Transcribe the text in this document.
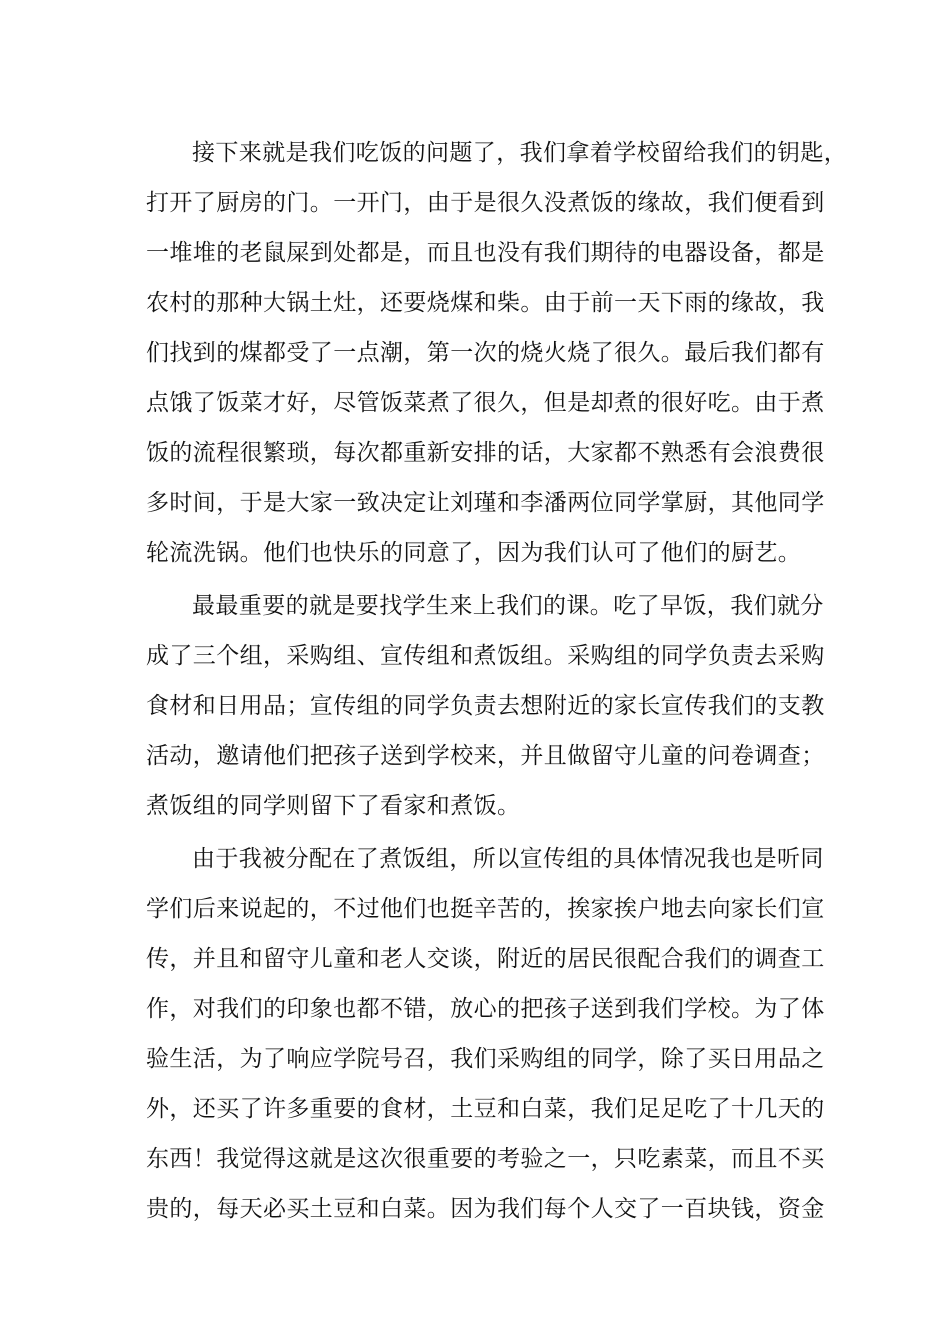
接下来就是我们吃饭的问题了，我们拿着学校留给我们的钥匙，
打开了厨房的门。一开门，由于是很久没煮饭的缘故，我们便看到
一堆堆的老鼠屎到处都是，而且也没有我们期待的电器设备，都是
农村的那种大锅土灶，还要烧煤和柴。由于前一天下雨的缘故，我
们找到的煤都受了一点潮，第一次的烧火烧了很久。最后我们都有
点饿了饭菜才好，尽管饭菜煮了很久，但是却煮的很好吃。由于煮
饭的流程很繁琐，每次都重新安排的话，大家都不熟悉有会浪费很
多时间，于是大家一致决定让刘瑾和李潘两位同学掌厨，其他同学
轮流洗锅。他们也快乐的同意了，因为我们认可了他们的厨艺。
最最重要的就是要找学生来上我们的课。吃了早饭，我们就分
成了三个组，采购组、宣传组和煮饭组。采购组的同学负责去采购
食材和日用品；宣传组的同学负责去想附近的家长宣传我们的支教
活动，邀请他们把孩子送到学校来，并且做留守儿童的问卷调查；
煮饭组的同学则留下了看家和煮饭。
由于我被分配在了煮饭组，所以宣传组的具体情况我也是听同
学们后来说起的，不过他们也挺辛苦的，挨家挨户地去向家长们宣
传，并且和留守儿童和老人交谈，附近的居民很配合我们的调查工
作，对我们的印象也都不错，放心的把孩子送到我们学校。为了体
验生活，为了响应学院号召，我们采购组的同学，除了买日用品之
外，还买了许多重要的食材，土豆和白菜，我们足足吃了十几天的
东西！我觉得这就是这次很重要的考验之一，只吃素菜，而且不买
贵的，每天必买土豆和白菜。因为我们每个人交了一百块钱，资金
